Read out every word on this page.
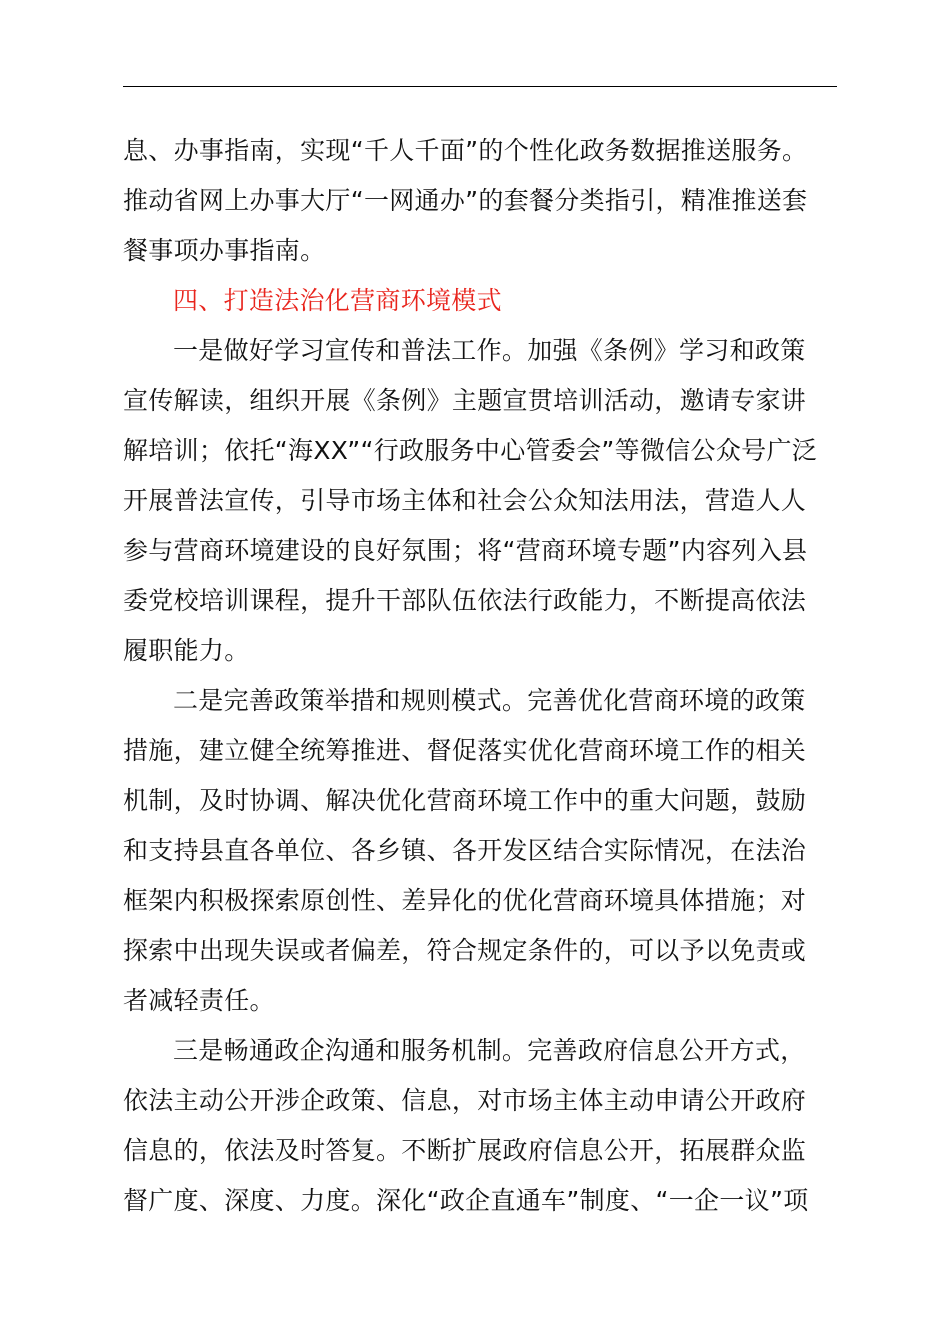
息、办事指南，实现“千人千面”的个性化政务数据推送服务。
推动省网上办事大厅“一网通办”的套餐分类指引，精准推送套
餐事项办事指南。
四、打造法治化营商环境模式
一是做好学习宣传和普法工作。加强《条例》学习和政策
宣传解读，组织开展《条例》主题宣贯培训活动，邀请专家讲
解培训；依托“海XX”“行政服务中心管委会”等微信公众号广泛
开展普法宣传，引导市场主体和社会公众知法用法，营造人人
参与营商环境建设的良好氛围；将“营商环境专题”内容列入县
委党校培训课程，提升干部队伍依法行政能力，不断提高依法
履职能力。
二是完善政策举措和规则模式。完善优化营商环境的政策
措施，建立健全统筹推进、督促落实优化营商环境工作的相关
机制，及时协调、解决优化营商环境工作中的重大问题，鼓励
和支持县直各单位、各乡镇、各开发区结合实际情况，在法治
框架内积极探索原创性、差异化的优化营商环境具体措施；对
探索中出现失误或者偏差，符合规定条件的，可以予以免责或
者减轻责任。
三是畅通政企沟通和服务机制。完善政府信息公开方式，
依法主动公开涉企政策、信息，对市场主体主动申请公开政府
信息的，依法及时答复。不断扩展政府信息公开，拓展群众监
督广度、深度、力度。深化“政企直通车”制度、“一企一议”项
